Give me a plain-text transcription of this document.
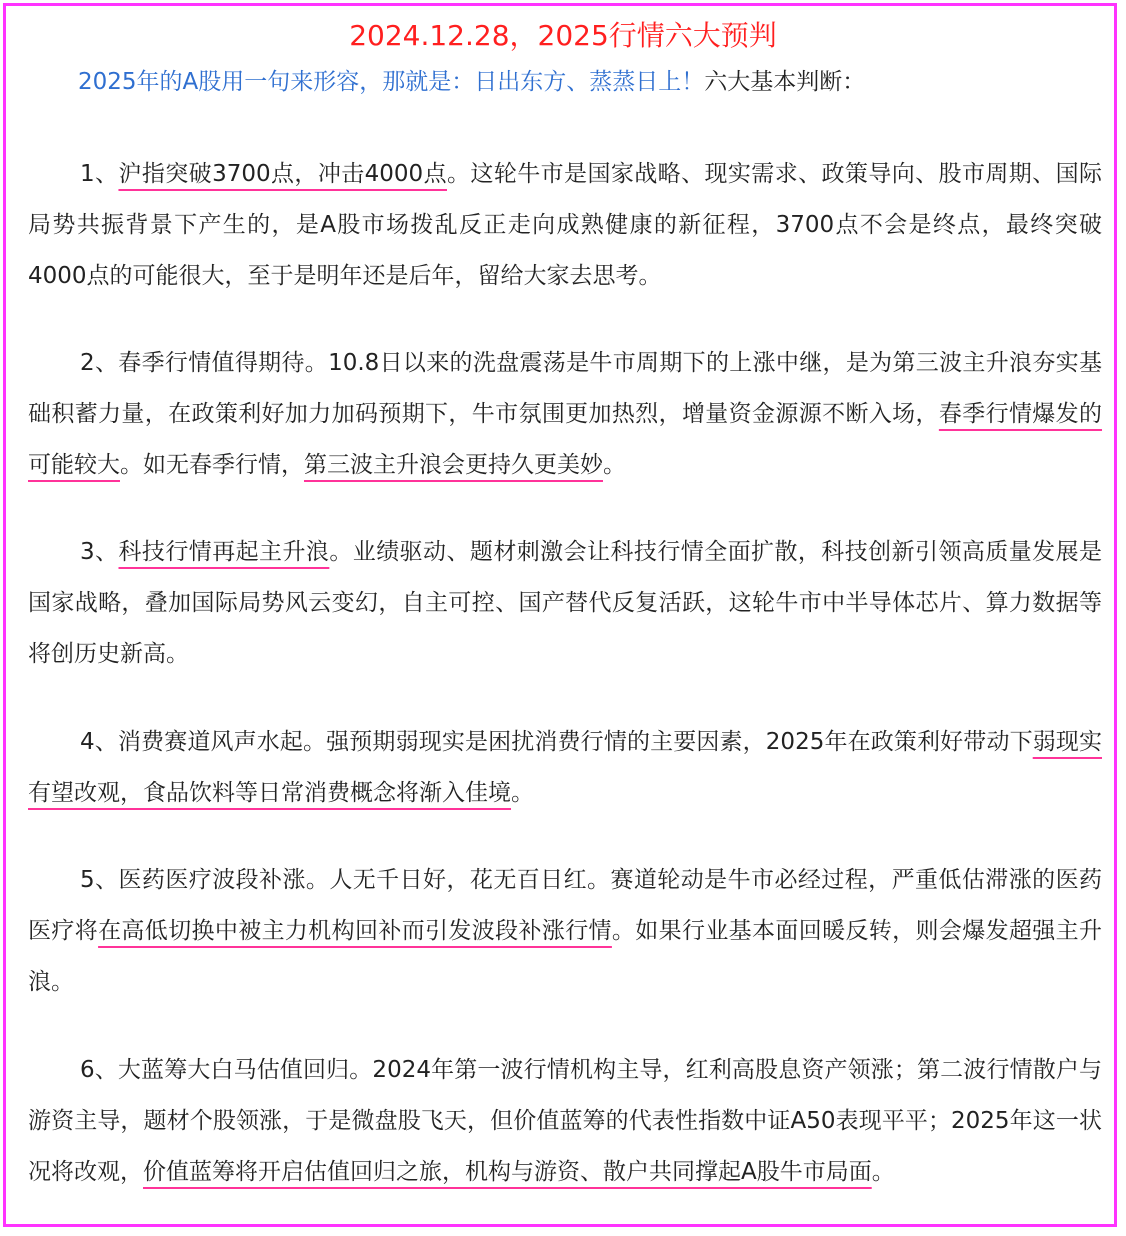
2024.12.28，2025行情六大预判
2025年的A股用一句来形容，那就是：日出东方、蒸蒸日上！六大基本判断：

1、沪指突破3700点，冲击4000点。这轮牛市是国家战略、现实需求、政策导向、股市周期、国际局势共振背景下产生的，是A股市场拨乱反正走向成熟健康的新征程，3700点不会是终点，最终突破4000点的可能很大，至于是明年还是后年，留给大家去思考。

2、春季行情值得期待。10.8日以来的洗盘震荡是牛市周期下的上涨中继，是为第三波主升浪夯实基础积蓄力量，在政策利好加力加码预期下，牛市氛围更加热烈，增量资金源源不断入场，春季行情爆发的可能较大。如无春季行情，第三波主升浪会更持久更美妙。

3、科技行情再起主升浪。业绩驱动、题材刺激会让科技行情全面扩散，科技创新引领高质量发展是国家战略，叠加国际局势风云变幻，自主可控、国产替代反复活跃，这轮牛市中半导体芯片、算力数据等将创历史新高。

4、消费赛道风声水起。强预期弱现实是困扰消费行情的主要因素，2025年在政策利好带动下弱现实有望改观，食品饮料等日常消费概念将渐入佳境。

5、医药医疗波段补涨。人无千日好，花无百日红。赛道轮动是牛市必经过程，严重低估滞涨的医药医疗将在高低切换中被主力机构回补而引发波段补涨行情。如果行业基本面回暖反转，则会爆发超强主升浪。

6、大蓝筹大白马估值回归。2024年第一波行情机构主导，红利高股息资产领涨；第二波行情散户与游资主导，题材个股领涨，于是微盘股飞天，但价值蓝筹的代表性指数中证A50表现平平；2025年这一状况将改观，价值蓝筹将开启估值回归之旅，机构与游资、散户共同撑起A股牛市局面。
